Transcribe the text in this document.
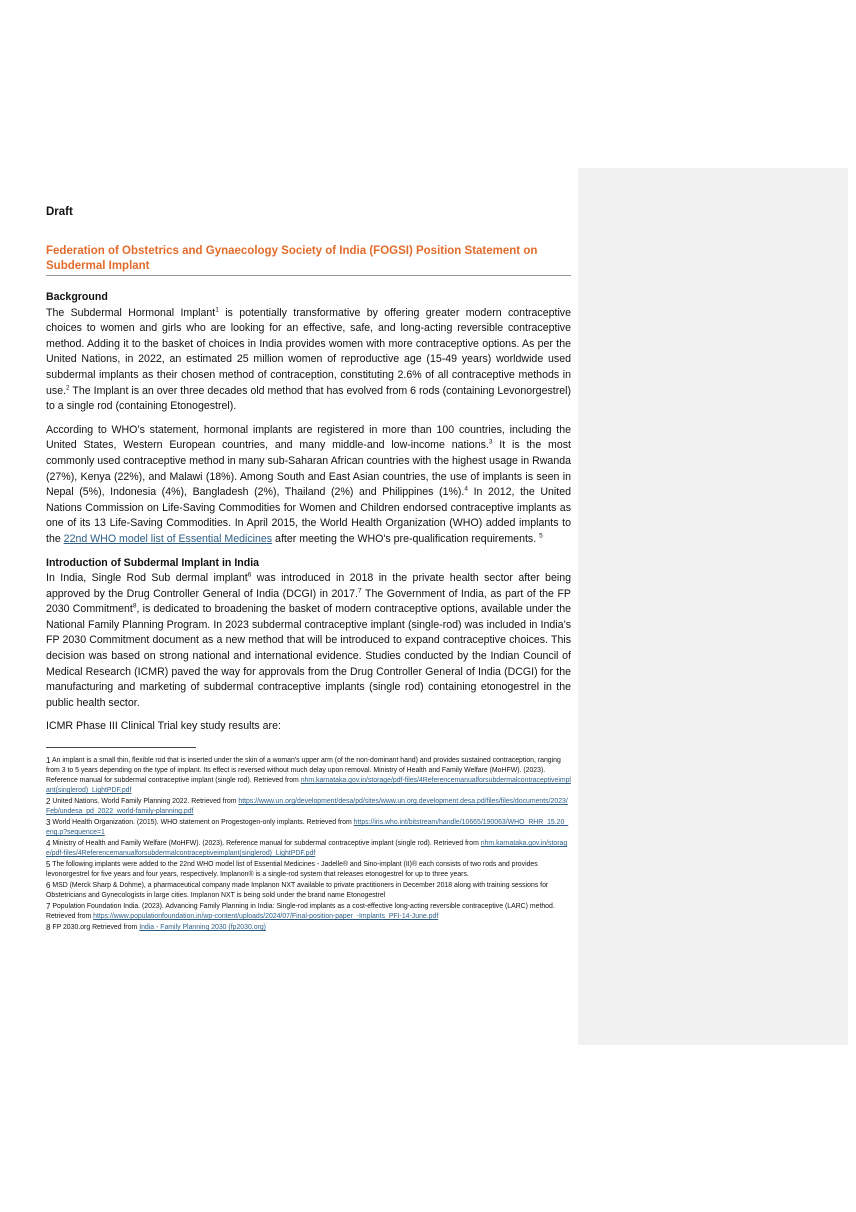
Draft
Federation of Obstetrics and Gynaecology Society of India (FOGSI) Position Statement on Subdermal Implant
Background

The Subdermal Hormonal Implant$^1$ is potentially transformative by offering greater modern contraceptive choices to women and girls who are looking for an effective, safe, and long-acting reversible contraceptive method. Adding it to the basket of choices in India provides women with more contraceptive options. As per the United Nations, in 2022, an estimated 25 million women of reproductive age (15-49 years) worldwide used subdermal implants as their chosen method of contraception, constituting 2.6% of all contraceptive methods in use.$^2$ The Implant is an over three decades old method that has evolved from 6 rods (containing Levonorgestrel) to a single rod (containing Etonogestrel).

According to WHO’s statement, hormonal implants are registered in more than 100 countries, including the United States, Western European countries, and many middle-and low-income nations.$^3$ It is the most commonly used contraceptive method in many sub-Saharan African countries with the highest usage in Rwanda (27%), Kenya (22%), and Malawi (18%). Among South and East Asian countries, the use of implants is seen in Nepal (5%), Indonesia (4%), Bangladesh (2%), Thailand (2%) and Philippines (1%).$^4$ In 2012, the United Nations Commission on Life-Saving Commodities for Women and Children endorsed contraceptive implants as one of its 13 Life-Saving Commodities. In April 2015, the World Health Organization (WHO) added implants to the 22nd WHO model list of Essential Medicines after meeting the WHO's pre-qualification requirements. $^5$

Introduction of Subdermal Implant in India

In India, Single Rod Sub dermal implant$^6$ was introduced in 2018 in the private health sector after being approved by the Drug Controller General of India (DCGI) in 2017.$^7$ The Government of India, as part of the FP 2030 Commitment$^8$, is dedicated to broadening the basket of modern contraceptive options, available under the National Family Planning Program. In 2023 subdermal contraceptive implant (single-rod) was included in India’s FP 2030 Commitment document as a new method that will be introduced to expand contraceptive choices. This decision was based on strong national and international evidence. Studies conducted by the Indian Council of Medical Research (ICMR) paved the way for approvals from the Drug Controller General of India (DCGI) for the manufacturing and marketing of subdermal contraceptive implants (single rod) containing etonogestrel in the public health sector.

ICMR Phase III Clinical Trial key study results are:

$^1$ An implant is a small thin, flexible rod that is inserted under the skin of a woman's upper arm (of the non-dominant hand) and provides sustained contraception, ranging from 3 to 5 years depending on the type of implant. Its effect is reversed without much delay upon removal. Ministry of Health and Family Welfare (MoHFW). (2023). Reference manual for subdermal contraceptive implant (single rod). Retrieved from nhm.karnataka.gov.in/storage/pdf-files/4Referencemanualforsubdermalcontraceptiveimplant(singlerod)_LightPDF.pdf
$^2$ United Nations. World Family Planning 2022. Retrieved from https://www.un.org/development/desa/pd/sites/www.un.org.development.desa.pd/files/files/documents/2023/Feb/undesa_pd_2022_world-family-planning.pdf
$^3$ World Health Organization. (2015). WHO statement on Progestogen-only implants. Retrieved from https://iris.who.int/bitstream/handle/10665/190063/WHO_RHR_15.20_eng.p?sequence=1
$^4$ Ministry of Health and Family Welfare (MoHFW). (2023). Reference manual for subdermal contraceptive implant (single rod). Retrieved from nhm.karnataka.gov.in/storage/pdf-files/4Referencemanualforsubdermalcontraceptiveimplant(singlerod)_LightPDF.pdf
$^5$ The following implants were added to the 22nd WHO model list of Essential Medicines - Jadelle® and Sino-implant (II)® each consists of two rods and provides levonorgestrel for five years and four years, respectively. Implanon® is a single-rod system that releases etonogestrel for up to three years.
$^6$ MSD (Merck Sharp & Dohme), a pharmaceutical company made Implanon NXT available to private practitioners in December 2018 along with training sessions for Obstetricians and Gynecologists in large cities. Implanon NXT is being sold under the brand name Etonogestrel
$^7$ Population Foundation India. (2023). Advancing Family Planning in India: Single-rod implants as a cost-effective long-acting reversible contraceptive (LARC) method. Retrieved from https://www.populationfoundation.in/wp-content/uploads/2024/07/Final-position-paper_-Implants_PFI-14-June.pdf
$^8$ FP 2030.org Retrieved from India - Family Planning 2030 (fp2030.org)
